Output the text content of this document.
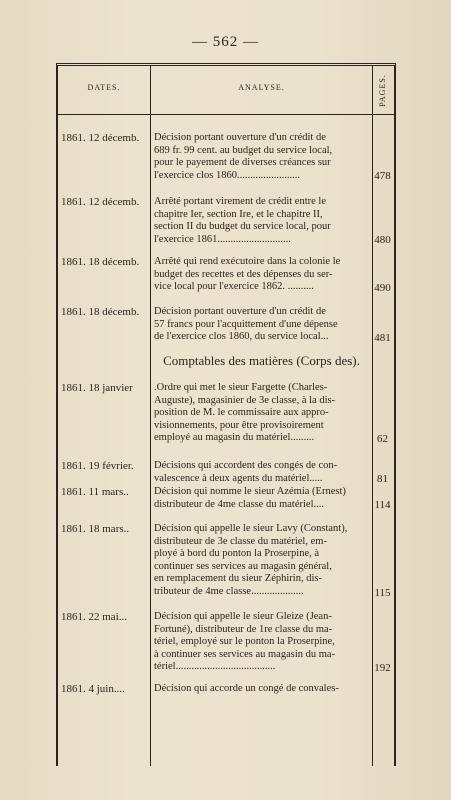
— 562 —
DATES.	ANALYSE.	PAGES.
1861. 12 décemb.	Décision portant ouverture d'un crédit de
689 fr. 99 cent. au budget du service local,
pour le payement de diverses créances sur
l'exercice clos 1860........................	478
1861. 12 décemb.	Arrêté portant virement de crédit entre le
chapitre Ier, section Ire, et le chapitre II,
section II du budget du service local, pour
l'exercice 1861............................	480
1861. 18 décemb.	Arrêté qui rend exécutoire dans la colonie le
budget des recettes et des dépenses du ser-
vice local pour l'exercice 1862. ..........	490
1861. 18 décemb.	Décision portant ouverture d'un crédit de
57 francs pour l'acquittement d'une dépense
de l'exercice clos 1860, du service local...	481
Comptables des matières (Corps des).
1861. 18 janvier	.Ordre qui met le sieur Fargette (Charles-
Auguste), magasinier de 3e classe, à la dis-
position de M. le commissaire aux appro-
visionnements, pour être provisoirement
employé au magasin du matériel.........	62
1861. 19 février.	Décisions qui accordent des congés de con-
valescence à deux agents du matériel.....	81
1861. 11 mars..	Décision qui nomme le sieur Azémia (Ernest)
distributeur de 4me classe du matériel....	114
1861. 18 mars..	Décision qui appelle le sieur Lavy (Constant),
distributeur de 3e classe du matériel, em-
ployé à bord du ponton la Proserpine, à
continuer ses services au magasin général,
en remplacement du sieur Zéphirin, dis-
tributeur de 4me classe....................	115
1861. 22 mai...	Décision qui appelle le sieur Gleize (Jean-
Fortuné), distributeur de 1re classe du ma-
tériel, employé sur le ponton la Proserpine,
à continuer ses services au magasin du ma-
tériel......................................	192
1861. 4 juin....	Décision qui accorde un congé de convales-
